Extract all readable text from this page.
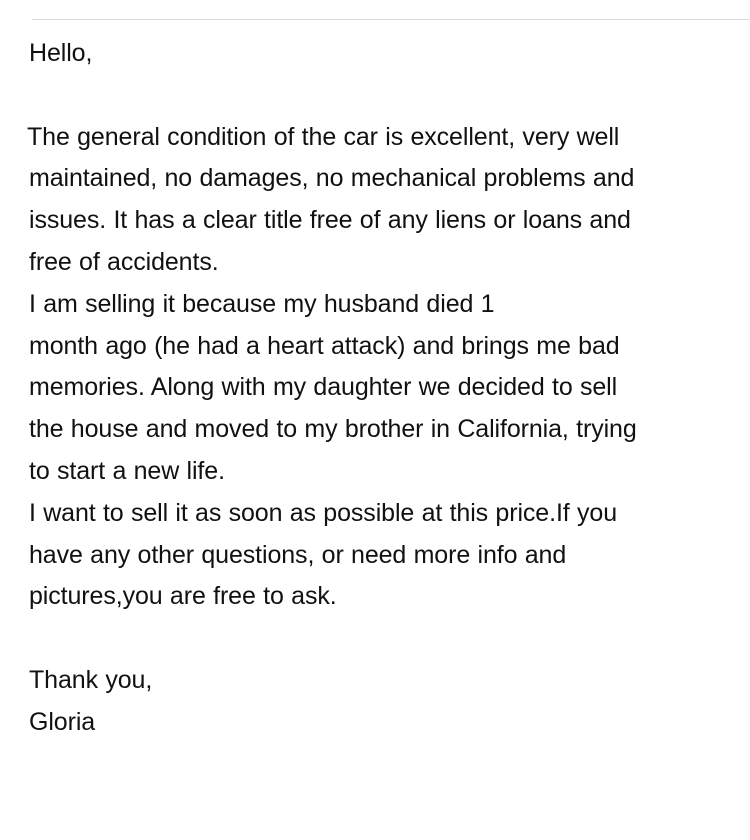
Hello,
The general condition of the car is excellent, very well
maintained, no damages, no mechanical problems and
issues. It has a clear title free of any liens or loans and
free of accidents.
I am selling it because my husband died 1
month ago (he had a heart attack) and brings me bad
memories. Along with my daughter we decided to sell
the house and moved to my brother in California, trying
to start a new life.
I want to sell it as soon as possible at this price.If you
have any other questions, or need more info and
pictures,you are free to ask.
Thank you,
Gloria
